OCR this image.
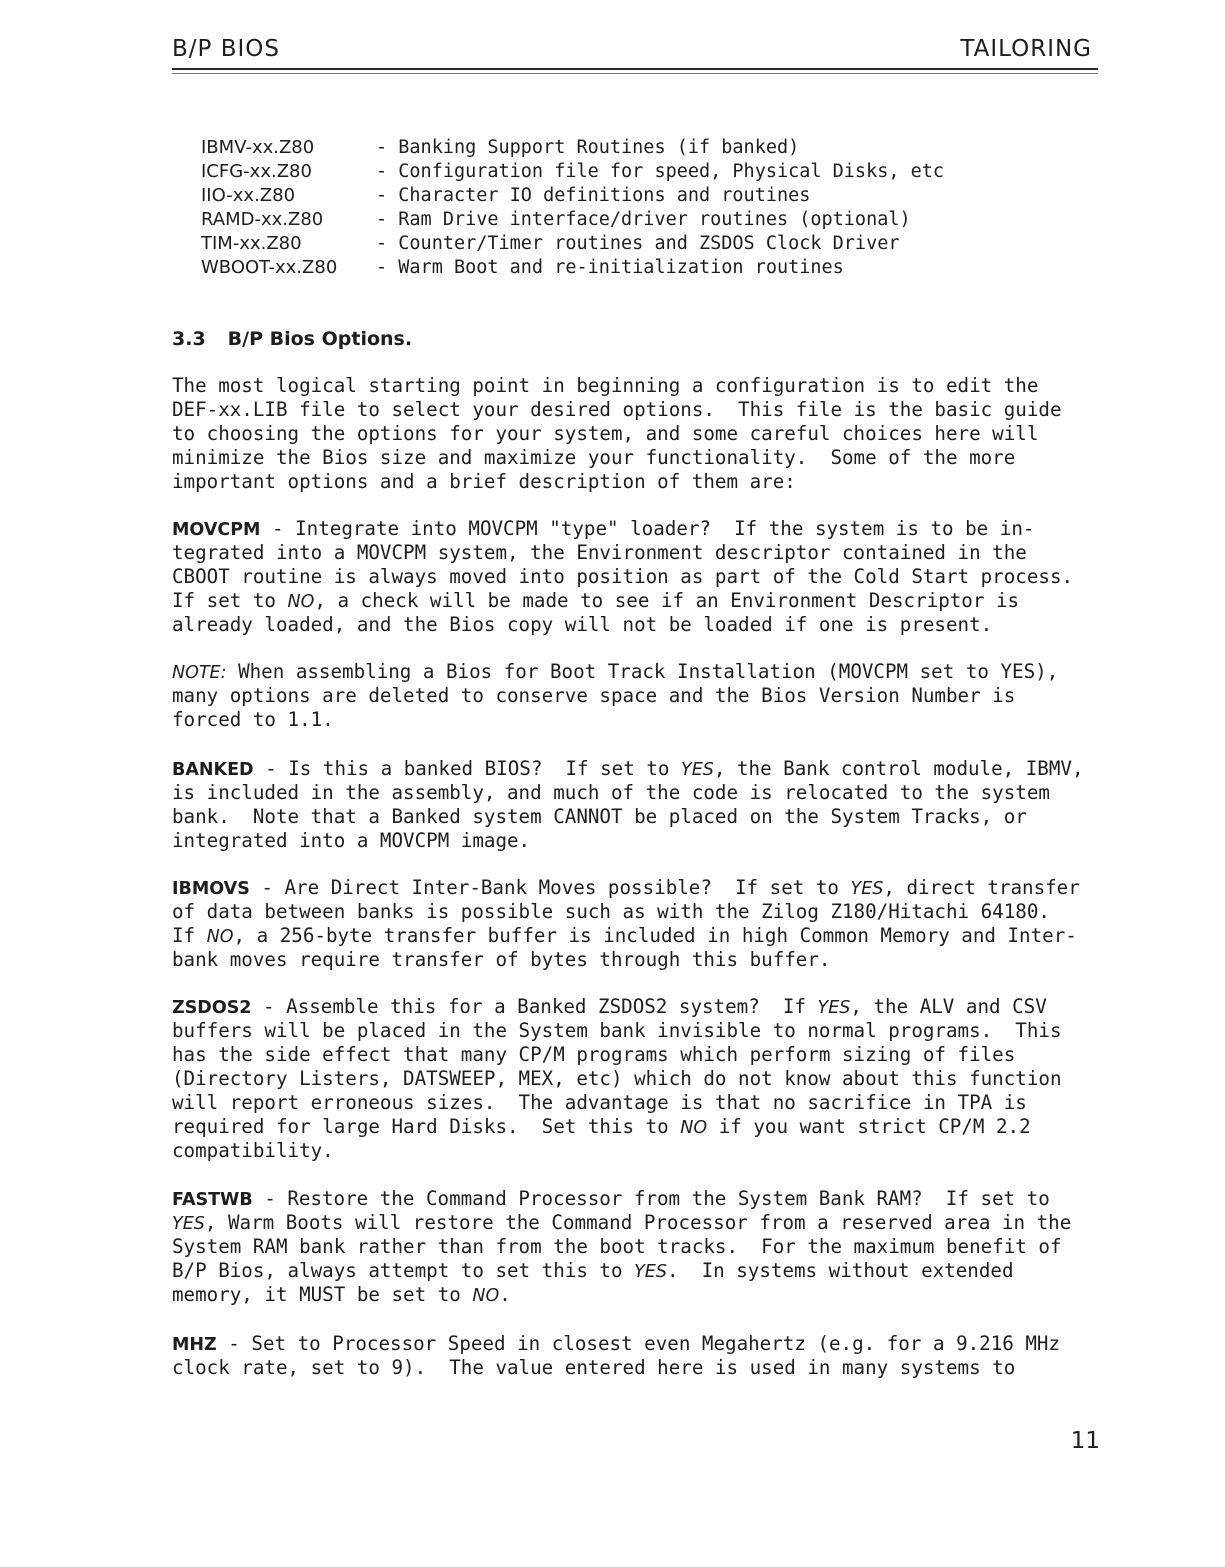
B/P BIOS	TAILORING
IBMV-xx.Z80	- Banking Support Routines (if banked)
ICFG-xx.Z80	- Configuration file for speed, Physical Disks, etc
IIO-xx.Z80	- Character IO definitions and routines
RAMD-xx.Z80	- Ram Drive interface/driver routines (optional)
TIM-xx.Z80	- Counter/Timer routines and ZSDOS Clock Driver
WBOOT-xx.Z80	- Warm Boot and re-initialization routines
3.3 B/P Bios Options.
The most logical starting point in beginning a configuration is to edit the
DEF-xx.LIB file to select your desired options.  This file is the basic guide
to choosing the options for your system, and some careful choices here will
minimize the Bios size and maximize your functionality.  Some of the more
important options and a brief description of them are:
MOVCPM - Integrate into MOVCPM "type" loader?  If the system is to be in-
tegrated into a MOVCPM system, the Environment descriptor contained in the
CBOOT routine is always moved into position as part of the Cold Start process.
If set to NO, a check will be made to see if an Environment Descriptor is
already loaded, and the Bios copy will not be loaded if one is present.
NOTE: When assembling a Bios for Boot Track Installation (MOVCPM set to YES),
many options are deleted to conserve space and the Bios Version Number is
forced to 1.1.
BANKED - Is this a banked BIOS?  If set to YES, the Bank control module, IBMV,
is included in the assembly, and much of the code is relocated to the system
bank.  Note that a Banked system CANNOT be placed on the System Tracks, or
integrated into a MOVCPM image.
IBMOVS - Are Direct Inter-Bank Moves possible?  If set to YES, direct transfer
of data between banks is possible such as with the Zilog Z180/Hitachi 64180.
If NO, a 256-byte transfer buffer is included in high Common Memory and Inter-
bank moves require transfer of bytes through this buffer.
ZSDOS2 - Assemble this for a Banked ZSDOS2 system?  If YES, the ALV and CSV
buffers will be placed in the System bank invisible to normal programs.  This
has the side effect that many CP/M programs which perform sizing of files
(Directory Listers, DATSWEEP, MEX, etc) which do not know about this function
will report erroneous sizes.  The advantage is that no sacrifice in TPA is
required for large Hard Disks.  Set this to NO if you want strict CP/M 2.2
compatibility.
FASTWB - Restore the Command Processor from the System Bank RAM?  If set to
YES, Warm Boots will restore the Command Processor from a reserved area in the
System RAM bank rather than from the boot tracks.  For the maximum benefit of
B/P Bios, always attempt to set this to YES.  In systems without extended
memory, it MUST be set to NO.
MHZ - Set to Processor Speed in closest even Megahertz (e.g. for a 9.216 MHz
clock rate, set to 9).  The value entered here is used in many systems to
11
